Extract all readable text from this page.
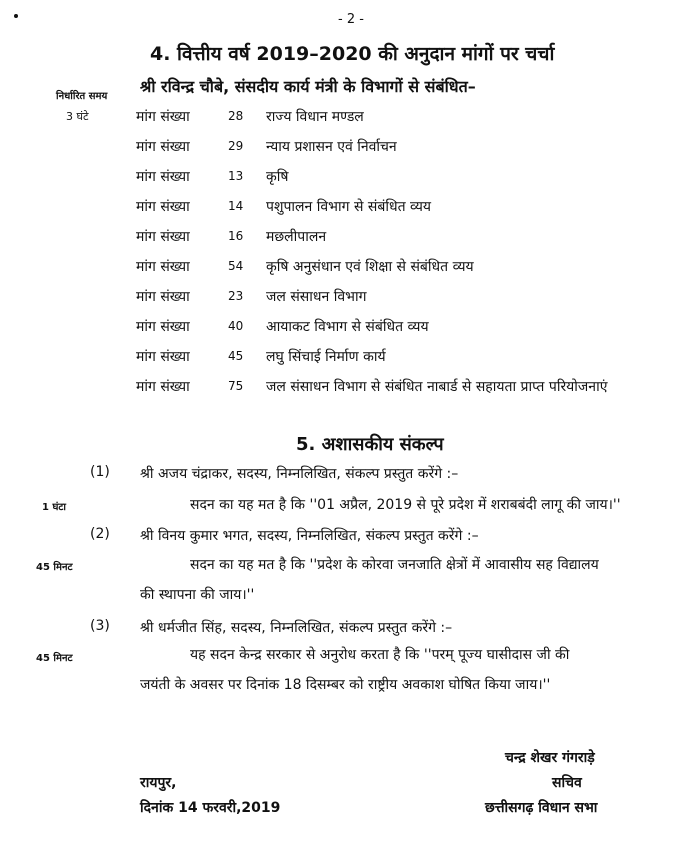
- 2 -
4. वित्तीय वर्ष 2019–2020 की अनुदान मांगों पर चर्चा
निर्धारित समय
श्री रविन्द्र चौबे, संसदीय कार्य मंत्री के विभागों से संबंधित–
3 घंटे	मांग संख्या	28	राज्य विधान मण्डल
मांग संख्या	29	न्याय प्रशासन एवं निर्वाचन
मांग संख्या	13	कृषि
मांग संख्या	14	पशुपालन विभाग से संबंधित व्यय
मांग संख्या	16	मछलीपालन
मांग संख्या	54	कृषि अनुसंधान एवं शिक्षा से संबंधित व्यय
मांग संख्या	23	जल संसाधन विभाग
मांग संख्या	40	आयाकट विभाग से संबंधित व्यय
मांग संख्या	45	लघु सिंचाई निर्माण कार्य
मांग संख्या	75	जल संसाधन विभाग से संबंधित नाबार्ड से सहायता प्राप्त परियोजनाएं
5. अशासकीय संकल्प
(1) श्री अजय चंद्राकर, सदस्य, निम्नलिखित, संकल्प प्रस्तुत करेंगे :–
1 घंटा	सदन का यह मत है कि ''01 अप्रैल, 2019 से पूरे प्रदेश में शराबबंदी लागू की जाय।''
(2) श्री विनय कुमार भगत, सदस्य, निम्नलिखित, संकल्प प्रस्तुत करेंगे :–
45 मिनट	सदन का यह मत है कि ''प्रदेश के कोरवा जनजाति क्षेत्रों में आवासीय सह विद्यालय
की स्थापना की जाय।''
(3) श्री धर्मजीत सिंह, सदस्य, निम्नलिखित, संकल्प प्रस्तुत करेंगे :–
45 मिनट	यह सदन केन्द्र सरकार से अनुरोध करता है कि ''परम् पूज्य घासीदास जी की
जयंती के अवसर पर दिनांक 18 दिसम्बर को राष्ट्रीय अवकाश घोषित किया जाय।''
चन्द्र शेखर गंगराड़े
रायपुर,	सचिव
दिनांक 14 फरवरी,2019	छत्तीसगढ़ विधान सभा
